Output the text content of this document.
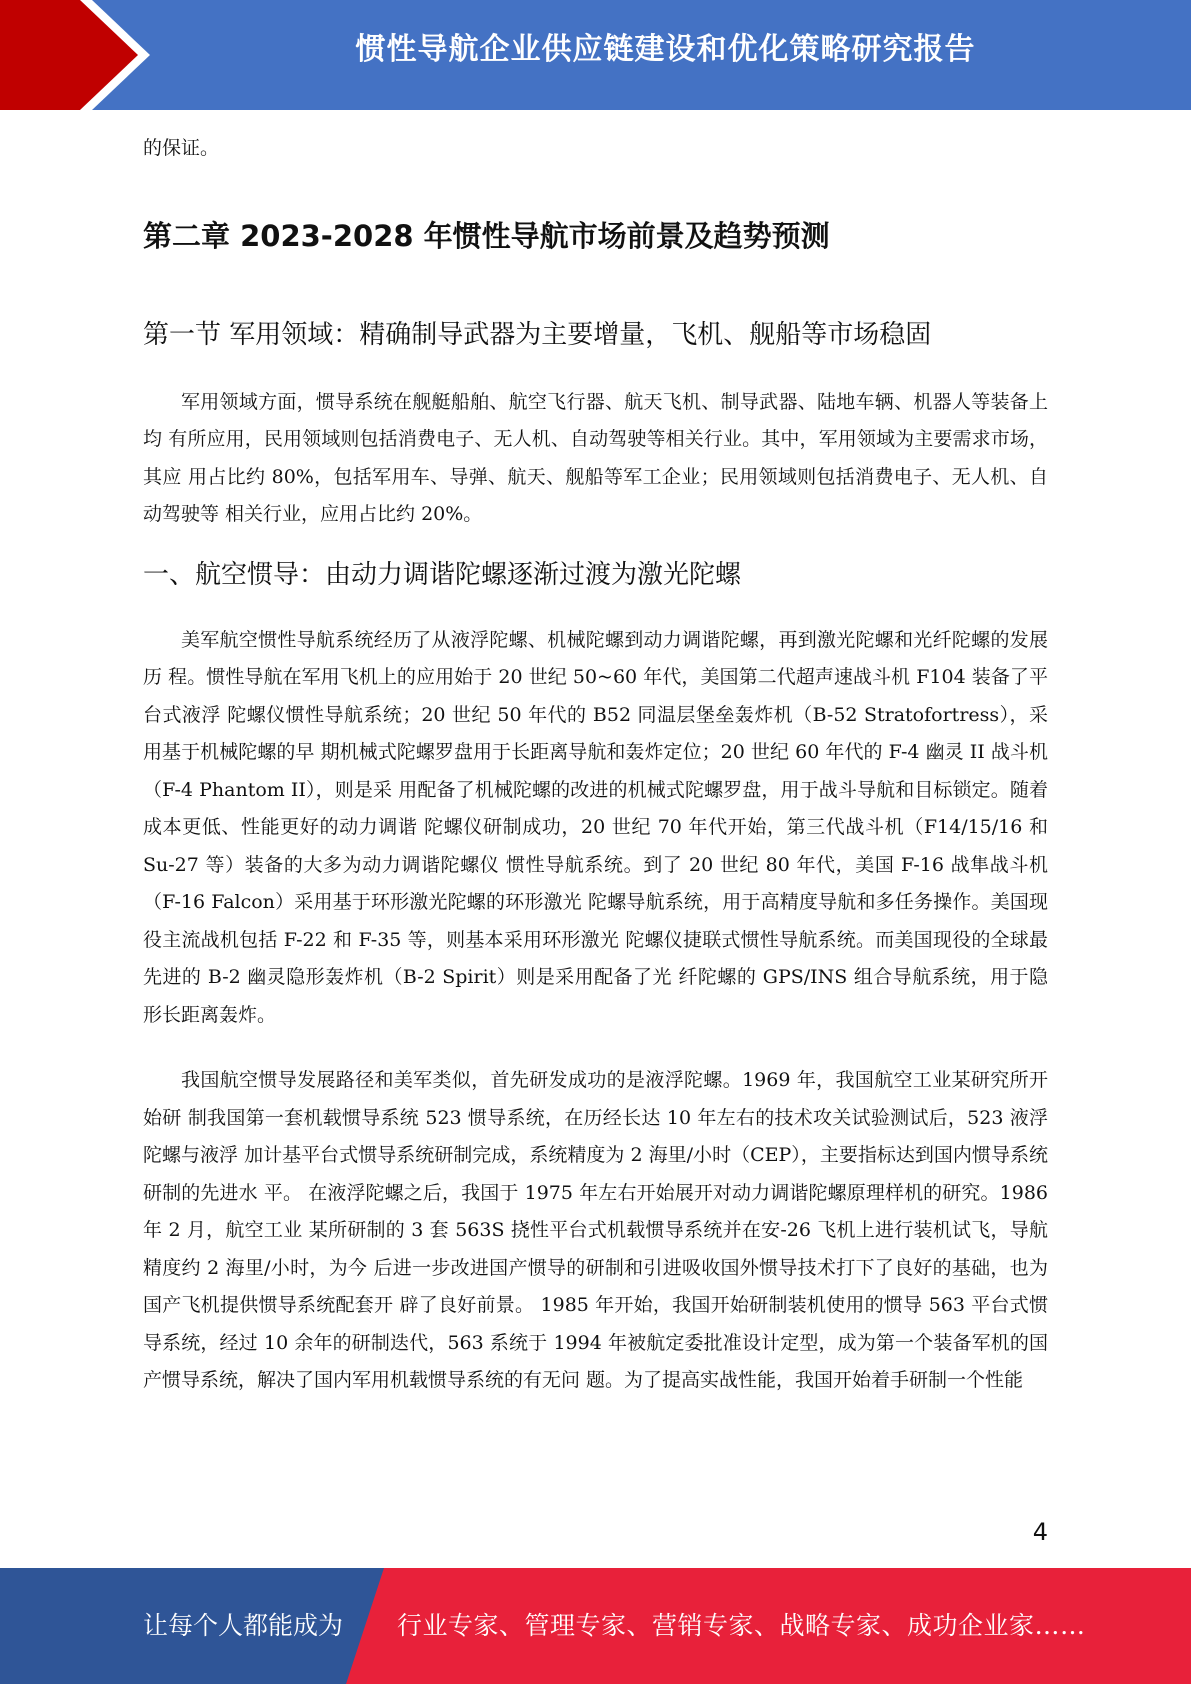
惯性导航企业供应链建设和优化策略研究报告

的保证。

第二章 2023-2028 年惯性导航市场前景及趋势预测
第一节 军用领域：精确制导武器为主要增量，飞机、舰船等市场稳固

军用领域方面，惯导系统在舰艇船舶、航空飞行器、航天飞机、制导武器、陆地车辆、机器人等装备上均 有所应用，民用领域则包括消费电子、无人机、自动驾驶等相关行业。其中，军用领域为主要需求市场，其应 用占比约 80%，包括军用车、导弹、航天、舰船等军工企业；民用领域则包括消费电子、无人机、自动驾驶等 相关行业，应用占比约 20%。

一、航空惯导：由动力调谐陀螺逐渐过渡为激光陀螺

美军航空惯性导航系统经历了从液浮陀螺、机械陀螺到动力调谐陀螺，再到激光陀螺和光纤陀螺的发展历 程。惯性导航在军用飞机上的应用始于 20 世纪 50~60 年代，美国第二代超声速战斗机 F104 装备了平台式液浮 陀螺仪惯性导航系统；20 世纪 50 年代的 B52 同温层堡垒轰炸机（B-52 Stratofortress），采用基于机械陀螺的早 期机械式陀螺罗盘用于长距离导航和轰炸定位；20 世纪 60 年代的 F-4 幽灵 II 战斗机（F-4 Phantom II），则是采 用配备了机械陀螺的改进的机械式陀螺罗盘，用于战斗导航和目标锁定。随着成本更低、性能更好的动力调谐 陀螺仪研制成功，20 世纪 70 年代开始，第三代战斗机（F14/15/16 和 Su-27 等）装备的大多为动力调谐陀螺仪 惯性导航系统。到了 20 世纪 80 年代，美国 F-16 战隼战斗机（F-16 Falcon）采用基于环形激光陀螺的环形激光 陀螺导航系统，用于高精度导航和多任务操作。美国现役主流战机包括 F-22 和 F-35 等，则基本采用环形激光 陀螺仪捷联式惯性导航系统。而美国现役的全球最先进的 B-2 幽灵隐形轰炸机（B-2 Spirit）则是采用配备了光 纤陀螺的 GPS/INS 组合导航系统，用于隐形长距离轰炸。

我国航空惯导发展路径和美军类似，首先研发成功的是液浮陀螺。1969 年，我国航空工业某研究所开始研 制我国第一套机载惯导系统 523 惯导系统，在历经长达 10 年左右的技术攻关试验测试后，523 液浮陀螺与液浮 加计基平台式惯导系统研制完成，系统精度为 2 海里/小时（CEP），主要指标达到国内惯导系统研制的先进水 平。 在液浮陀螺之后，我国于 1975 年左右开始展开对动力调谐陀螺原理样机的研究。1986 年 2 月，航空工业 某所研制的 3 套 563S 挠性平台式机载惯导系统并在安-26 飞机上进行装机试飞，导航精度约 2 海里/小时，为今 后进一步改进国产惯导的研制和引进吸收国外惯导技术打下了良好的基础，也为国产飞机提供惯导系统配套开 辟了良好前景。 1985 年开始，我国开始研制装机使用的惯导 563 平台式惯导系统，经过 10 余年的研制迭代，563 系统于 1994 年被航定委批准设计定型，成为第一个装备军机的国产惯导系统，解决了国内军用机载惯导系统的有无问 题。为了提高实战性能，我国开始着手研制一个性能

4
让每个人都能成为 行业专家、管理专家、营销专家、战略专家、成功企业家……
